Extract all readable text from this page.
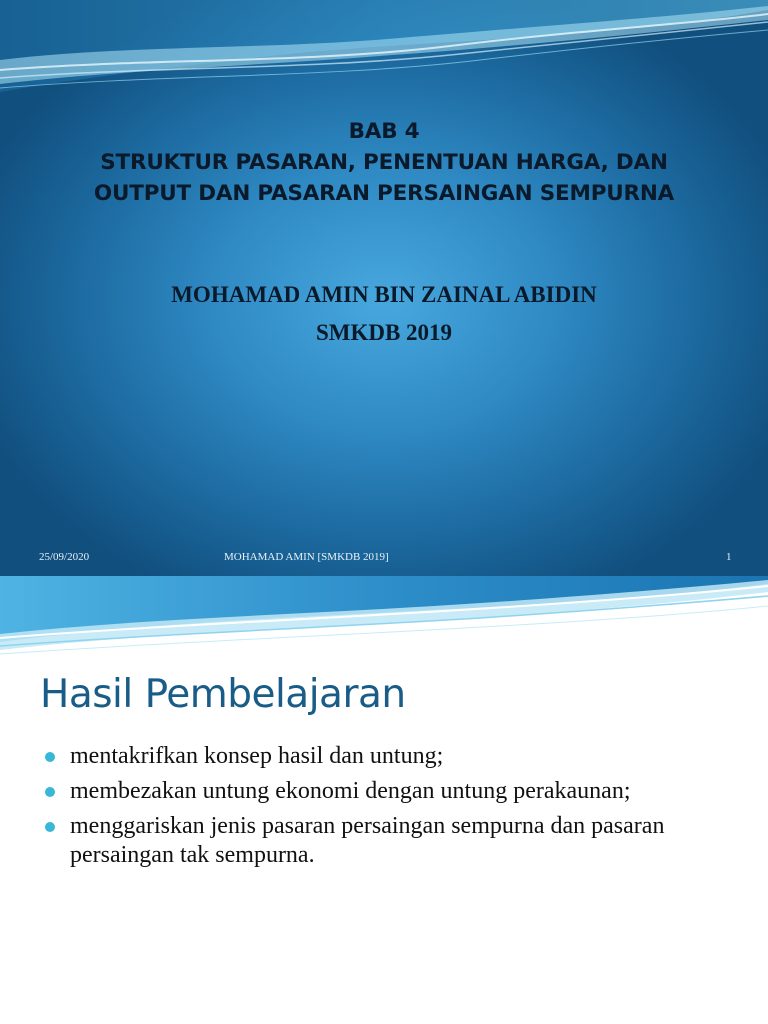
BAB 4
STRUKTUR PASARAN, PENENTUAN HARGA, DAN
OUTPUT DAN PASARAN PERSAINGAN SEMPURNA
MOHAMAD AMIN BIN ZAINAL ABIDIN
SMKDB 2019
25/09/2020	MOHAMAD AMIN [SMKDB 2019]	1
Hasil Pembelajaran
mentakrifkan konsep hasil dan untung;
membezakan untung ekonomi dengan untung perakaunan;
menggariskan jenis pasaran persaingan sempurna dan pasaran persaingan tak sempurna.
